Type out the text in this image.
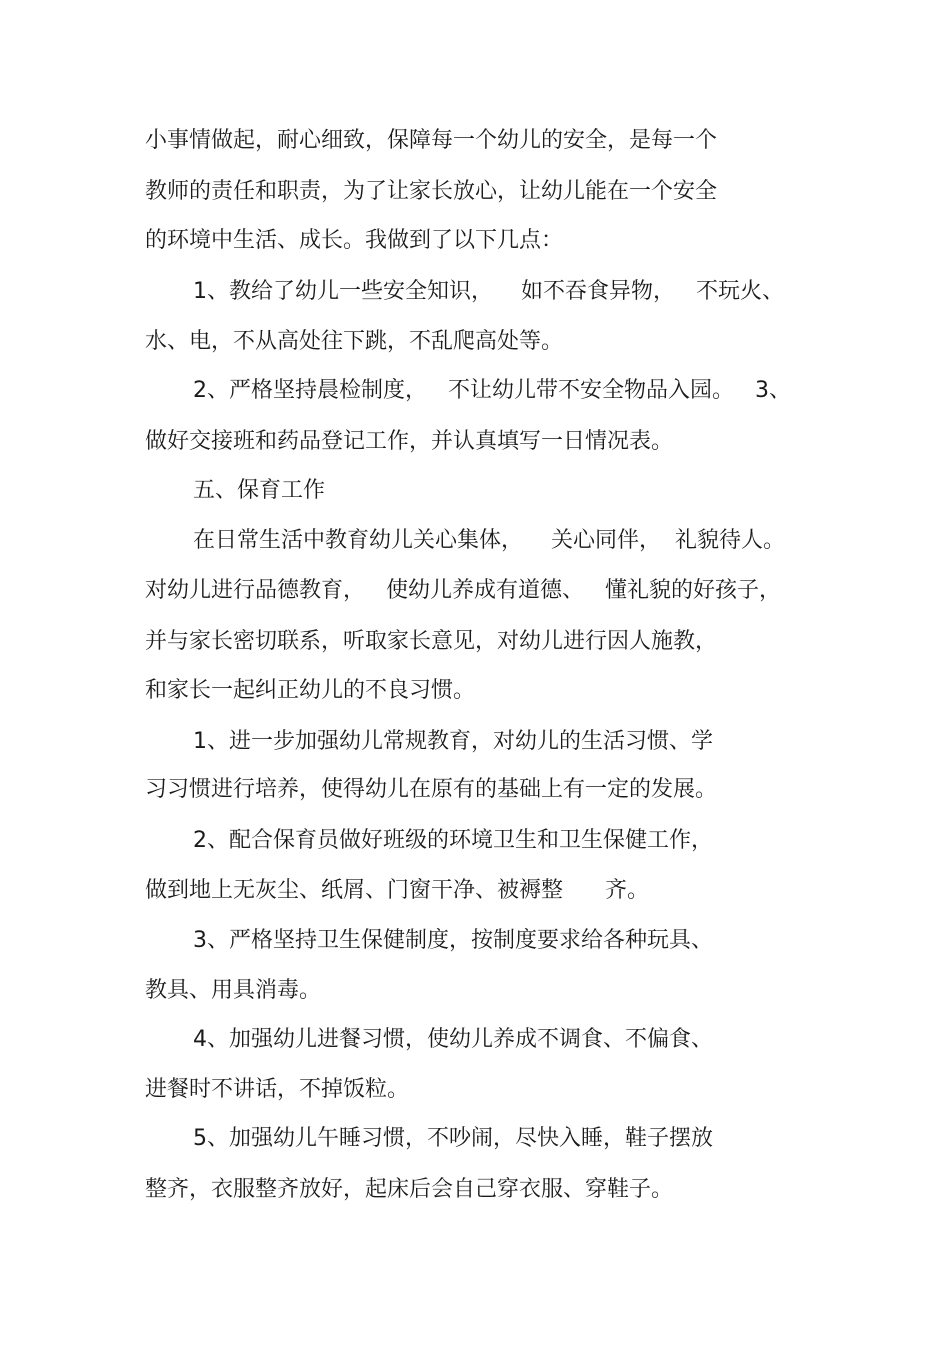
小事情做起，耐心细致，保障每一个幼儿的安全，是每一个
教师的责任和职责，为了让家长放心，让幼儿能在一个安全
的环境中生活、成长。我做到了以下几点：
1、教给了幼儿一些安全知识，    如不吞食异物，   不玩火、
水、电，不从高处往下跳，不乱爬高处等。
2、严格坚持晨检制度，   不让幼儿带不安全物品入园。   3、
做好交接班和药品登记工作，并认真填写一日情况表。
五、保育工作
在日常生活中教育幼儿关心集体，    关心同伴，  礼貌待人。
对幼儿进行品德教育，   使幼儿养成有道德、   懂礼貌的好孩子，
并与家长密切联系，听取家长意见，对幼儿进行因人施教，
和家长一起纠正幼儿的不良习惯。
1、进一步加强幼儿常规教育，对幼儿的生活习惯、学
习习惯进行培养，使得幼儿在原有的基础上有一定的发展。
2、配合保育员做好班级的环境卫生和卫生保健工作，
做到地上无灰尘、纸屑、门窗干净、被褥整      齐。
3、严格坚持卫生保健制度，按制度要求给各种玩具、
教具、用具消毒。
4、加强幼儿进餐习惯，使幼儿养成不调食、不偏食、
进餐时不讲话，不掉饭粒。
5、加强幼儿午睡习惯，不吵闹，尽快入睡，鞋子摆放
整齐，衣服整齐放好，起床后会自己穿衣服、穿鞋子。
